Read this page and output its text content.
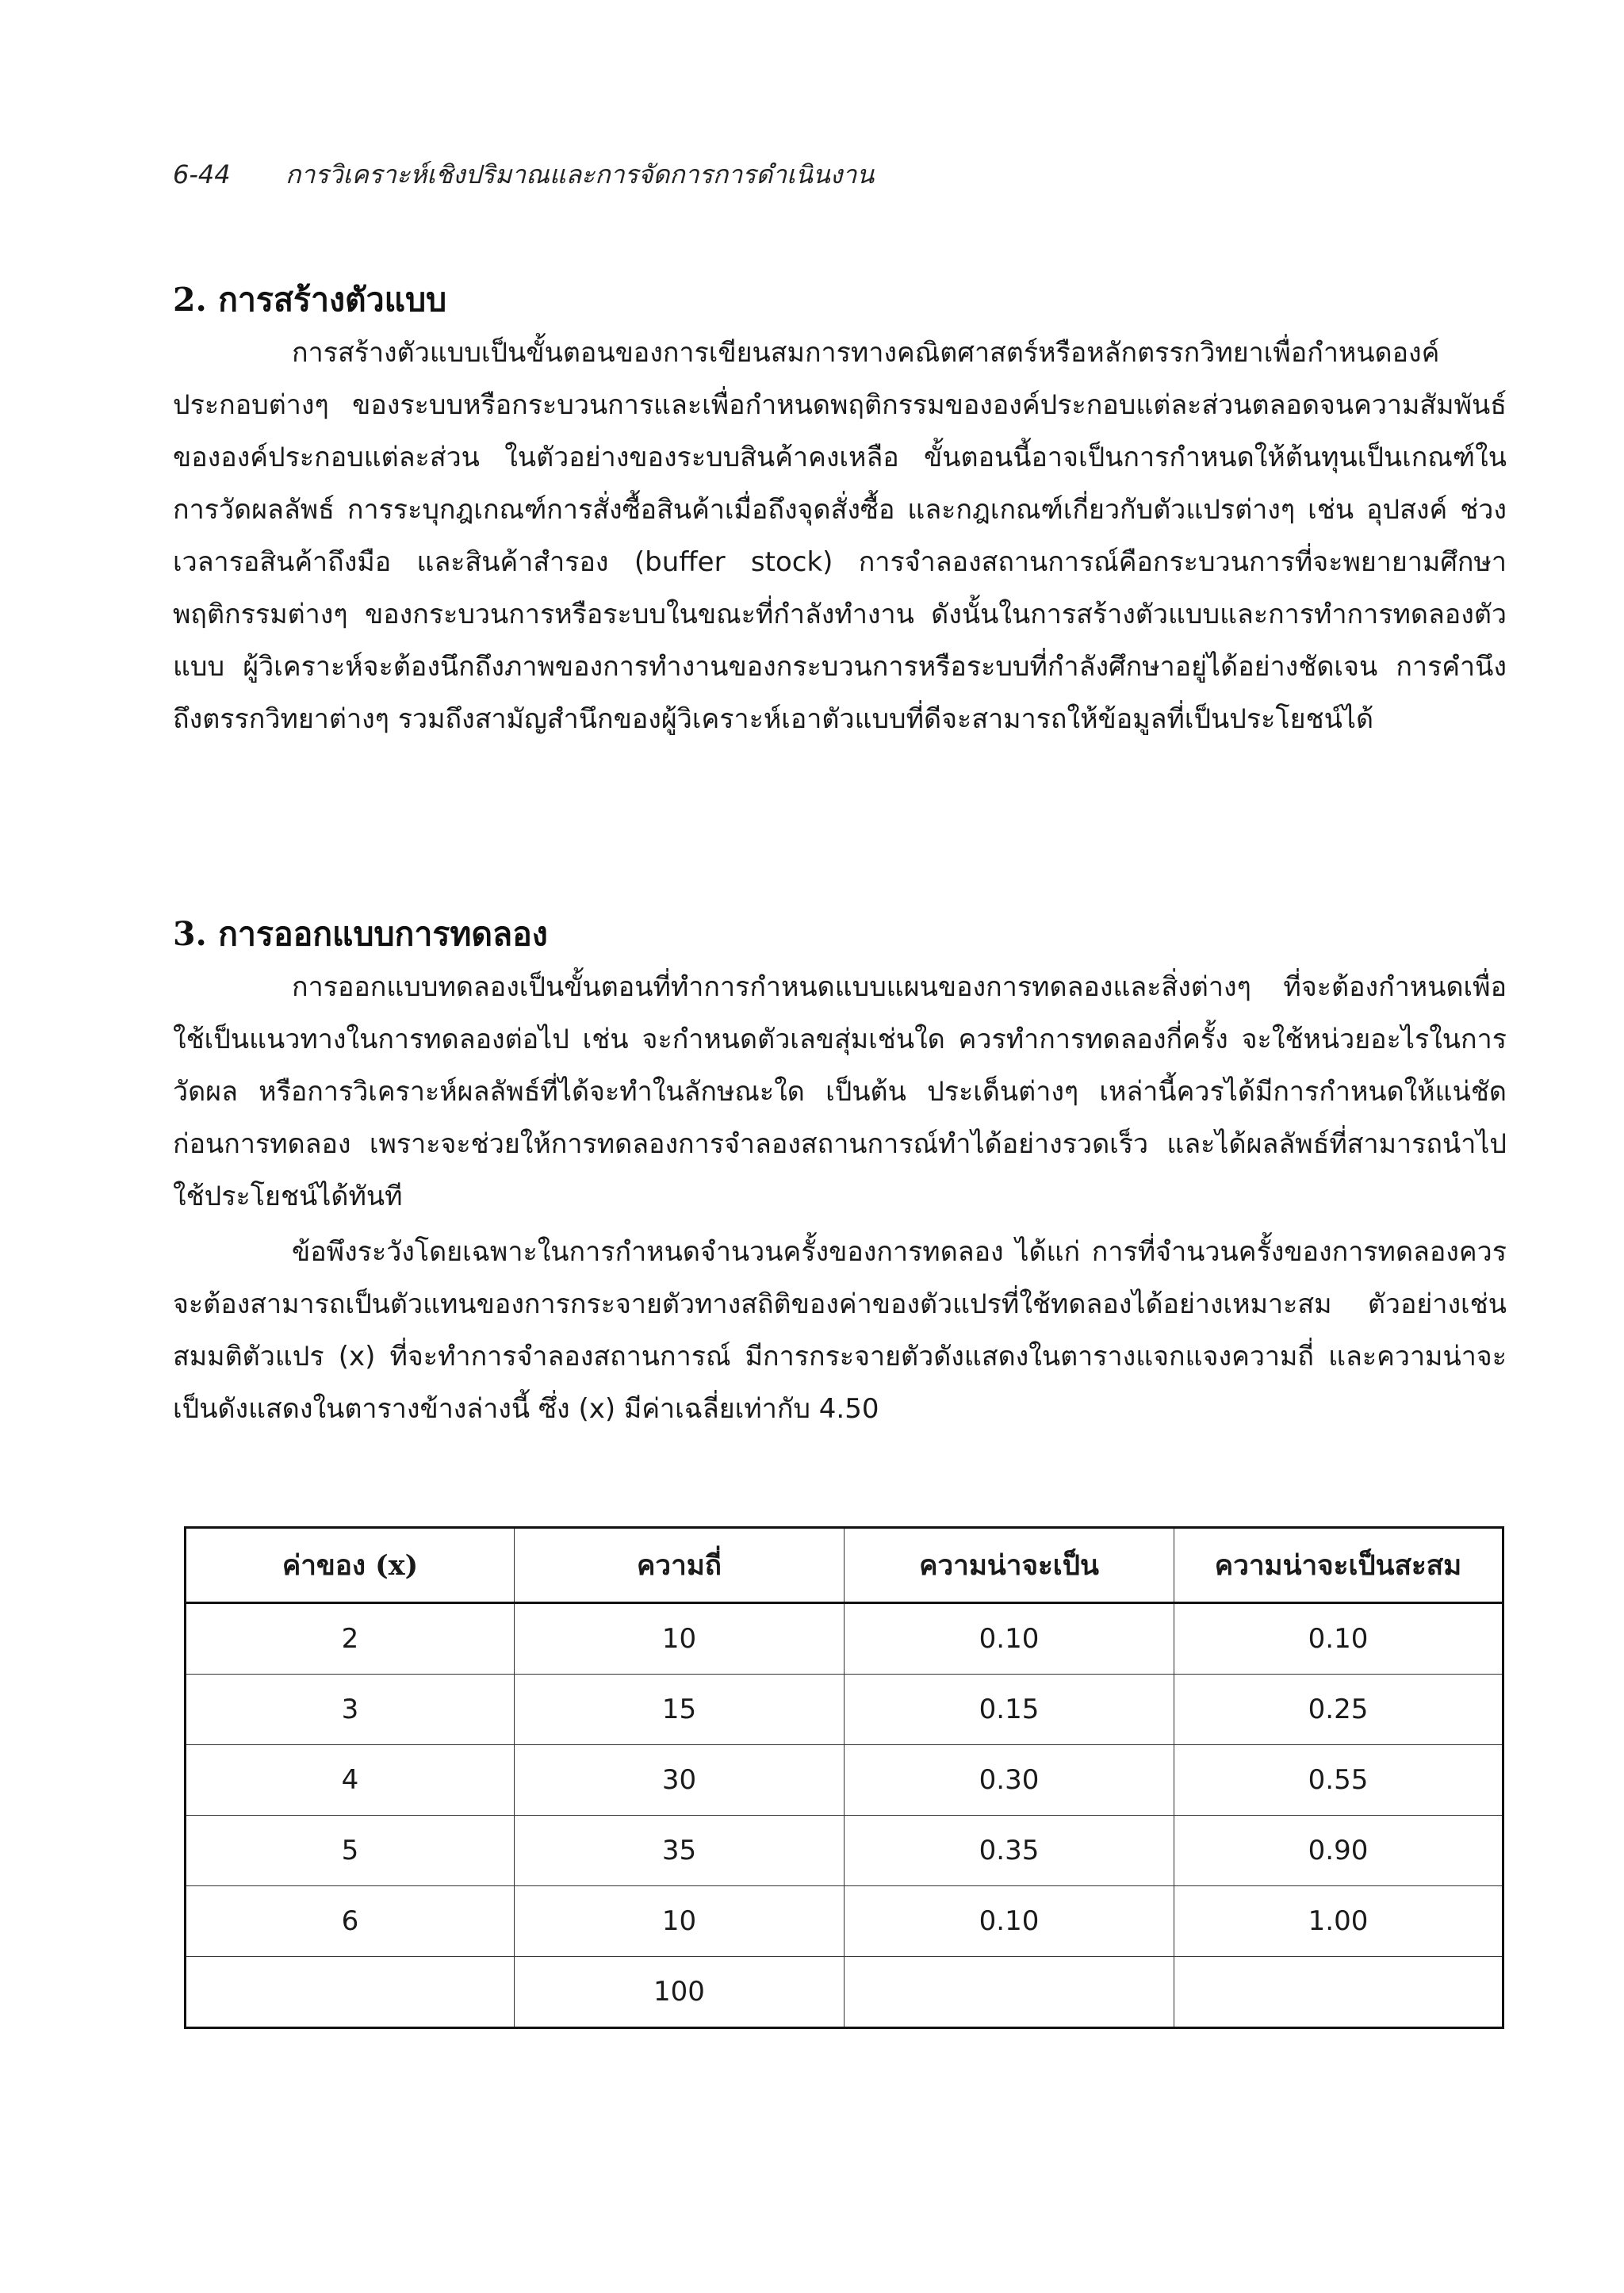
6-44 การวิเคราะห์เชิงปริมาณและการจัดการการดำเนินงาน
2. การสร้างตัวแบบ

การสร้างตัวแบบเป็นขั้นตอนของการเขียนสมการทางคณิตศาสตร์หรือหลักตรรกวิทยาเพื่อกำหนดองค์ประกอบต่างๆ ของระบบหรือกระบวนการและเพื่อกำหนดพฤติกรรมขององค์ประกอบแต่ละส่วนตลอดจนความสัมพันธ์ขององค์ประกอบแต่ละส่วน ในตัวอย่างของระบบสินค้าคงเหลือ ขั้นตอนนี้อาจเป็นการกำหนดให้ต้นทุนเป็นเกณฑ์ในการวัดผลลัพธ์ การระบุกฎเกณฑ์การสั่งซื้อสินค้าเมื่อถึงจุดสั่งซื้อ และกฎเกณฑ์เกี่ยวกับตัวแปรต่างๆ เช่น อุปสงค์ ช่วงเวลารอสินค้าถึงมือ และสินค้าสำรอง (buffer stock) การจำลองสถานการณ์คือกระบวนการที่จะพยายามศึกษาพฤติกรรมต่างๆ ของกระบวนการหรือระบบในขณะที่กำลังทำงาน ดังนั้นในการสร้างตัวแบบและการทำการทดลองตัวแบบ ผู้วิเคราะห์จะต้องนึกถึงภาพของการทำงานของกระบวนการหรือระบบที่กำลังศึกษาอยู่ได้อย่างชัดเจน การคำนึงถึงตรรกวิทยาต่างๆ รวมถึงสามัญสำนึกของผู้วิเคราะห์เอาตัวแบบที่ดีจะสามารถให้ข้อมูลที่เป็นประโยชน์ได้

3. การออกแบบการทดลอง

การออกแบบทดลองเป็นขั้นตอนที่ทำการกำหนดแบบแผนของการทดลองและสิ่งต่างๆ ที่จะต้องกำหนดเพื่อใช้เป็นแนวทางในการทดลองต่อไป เช่น จะกำหนดตัวเลขสุ่มเช่นใด ควรทำการทดลองกี่ครั้ง จะใช้หน่วยอะไรในการวัดผล หรือการวิเคราะห์ผลลัพธ์ที่ได้จะทำในลักษณะใด เป็นต้น ประเด็นต่างๆ เหล่านี้ควรได้มีการกำหนดให้แน่ชัดก่อนการทดลอง เพราะจะช่วยให้การทดลองการจำลองสถานการณ์ทำได้อย่างรวดเร็ว และได้ผลลัพธ์ที่สามารถนำไปใช้ประโยชน์ได้ทันที

ข้อพึงระวังโดยเฉพาะในการกำหนดจำนวนครั้งของการทดลอง ได้แก่ การที่จำนวนครั้งของการทดลองควรจะต้องสามารถเป็นตัวแทนของการกระจายตัวทางสถิติของค่าของตัวแปรที่ใช้ทดลองได้อย่างเหมาะสม ตัวอย่างเช่น สมมติตัวแปร (x) ที่จะทำการจำลองสถานการณ์ มีการกระจายตัวดังแสดงในตารางแจกแจงความถี่ และความน่าจะเป็นดังแสดงในตารางข้างล่างนี้ ซึ่ง (x) มีค่าเฉลี่ยเท่ากับ 4.50

ค่าของ (x)	ความถี่	ความน่าจะเป็น	ความน่าจะเป็นสะสม
2	10	0.10	0.10
3	15	0.15	0.25
4	30	0.30	0.55
5	35	0.35	0.90
6	10	0.10	1.00
	100		
